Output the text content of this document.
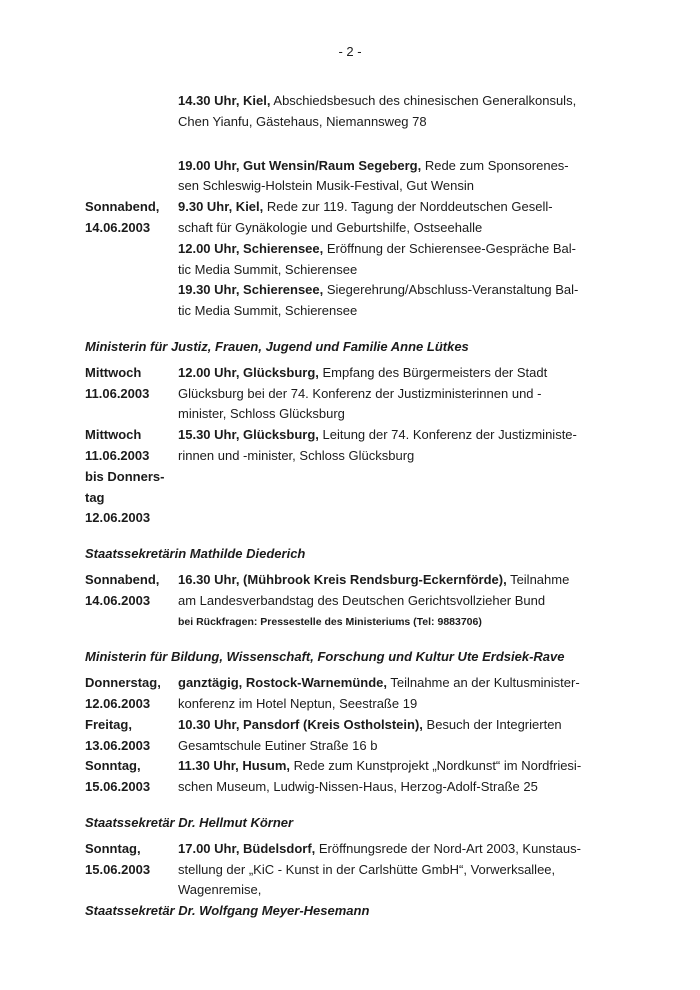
- 2 -
14.30 Uhr, Kiel, Abschiedsbesuch des chinesischen Generalkonsuls,
Chen Yianfu, Gästehaus, Niemannsweg 78
19.00 Uhr, Gut Wensin/Raum Segeberg, Rede zum Sponsorenes-
sen Schleswig-Holstein Musik-Festival, Gut Wensin
Sonnabend,
14.06.2003
9.30 Uhr, Kiel, Rede zur 119. Tagung der Norddeutschen Gesell-
schaft für Gynäkologie und Geburtshilfe, Ostseehalle
12.00 Uhr, Schierensee, Eröffnung der Schierensee-Gespräche Bal-
tic Media Summit, Schierensee
19.30 Uhr, Schierensee, Siegerehrung/Abschluss-Veranstaltung Bal-
tic Media Summit, Schierensee
Ministerin für Justiz, Frauen, Jugend und Familie Anne Lütkes
Mittwoch
11.06.2003
12.00 Uhr, Glücksburg, Empfang des Bürgermeisters der Stadt
Glücksburg bei der 74. Konferenz der Justizministerinnen und -
minister, Schloss Glücksburg
Mittwoch
11.06.2003
bis Donners-
tag
12.06.2003
15.30 Uhr, Glücksburg, Leitung der 74. Konferenz der Justizministe-
rinnen und -minister, Schloss Glücksburg
Staatssekretärin Mathilde Diederich
Sonnabend,
14.06.2003
16.30 Uhr, (Mühbrook Kreis Rendsburg-Eckernförde), Teilnahme
am Landesverbandstag des Deutschen Gerichtsvollzieher Bund
bei Rückfragen: Pressestelle des Ministeriums (Tel: 9883706)
Ministerin für Bildung, Wissenschaft, Forschung und Kultur Ute Erdsiek-Rave
Donnerstag,
12.06.2003
ganztägig, Rostock-Warnemünde, Teilnahme an der Kultusminister-
konferenz im Hotel Neptun, Seestraße 19
Freitag,
13.06.2003
10.30 Uhr, Pansdorf (Kreis Ostholstein), Besuch der Integrierten
Gesamtschule Eutiner Straße 16 b
Sonntag,
15.06.2003
11.30 Uhr, Husum, Rede zum Kunstprojekt „Nordkunst“ im Nordfriesi-
schen Museum, Ludwig-Nissen-Haus, Herzog-Adolf-Straße 25
Staatssekretär Dr. Hellmut Körner
Sonntag,
15.06.2003
17.00 Uhr, Büdelsdorf, Eröffnungsrede der Nord-Art 2003, Kunstaus-
stellung der „KiC - Kunst in der Carlshütte GmbH“, Vorwerksallee,
Wagenremise,
Staatssekretär Dr. Wolfgang Meyer-Hesemann
